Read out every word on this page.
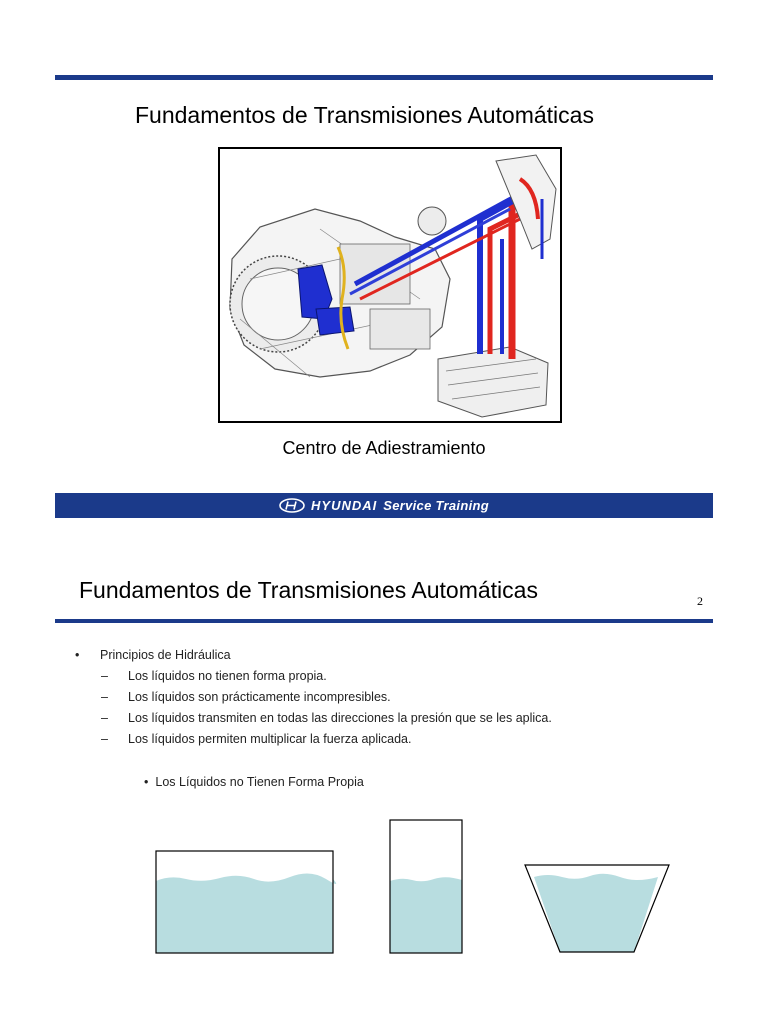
Fundamentos de Transmisiones Automáticas
Centro de Adiestramiento
HYUNDAI Service Training
Fundamentos de Transmisiones Automáticas	2
• Principios de Hidráulica
– Los líquidos no tienen forma propia.
– Los líquidos son prácticamente incompresibles.
– Los líquidos transmiten en todas las direcciones la presión que se les aplica.
– Los líquidos permiten multiplicar la fuerza aplicada.
• Los Líquidos no Tienen Forma Propia
